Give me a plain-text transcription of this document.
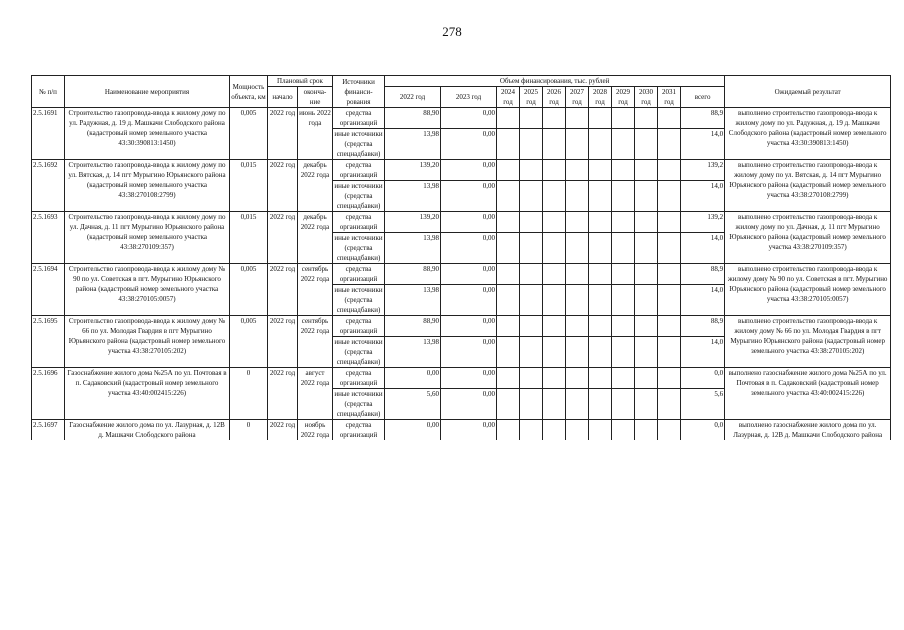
278
№ п/п	Наименование мероприятия	Мощность объекта, км	Плановый срок		Источники финанси-рования	Объем финансирования, тыс. рублей											Ожидаемый результат
			начало	оконча-ние		2022 год	2023 год	2024 год	2025 год	2026 год	2027 год	2028 год	2029 год	2030 год	2031 год	всего	
2.5.1691	Строительство газопровода-ввода к жилому дому по ул. Радужная, д. 19 д. Машкачи Слободского района (кадастровый номер земельного участка 43:30:390813:1450)	0,005	2022 год	июнь 2022 года	средства организаций	88,90	0,00									88,9	выполнено строительство газопровода-ввода к жилому дому по ул. Радужная, д. 19 д. Машкачи Слободского района (кадастровый номер земельного участка 43:30:390813:1450)
					иные источники (средства спецнадбавки)	13,98	0,00									14,0	
2.5.1692	Строительство газопровода-ввода к жилому дому по ул. Вятская, д. 14 пгт Мурыгино Юрьянского района (кадастровый номер земельного участка 43:38:270108:2799)	0,015	2022 год	декабрь 2022 года	средства организаций	139,20	0,00									139,2	выполнено строительство газопровода-ввода к жилому дому по ул. Вятская, д. 14 пгт Мурыгино Юрьянского района (кадастровый номер земельного участка 43:38:270108:2799)
					иные источники (средства спецнадбавки)	13,98	0,00									14,0	
2.5.1693	Строительство газопровода-ввода к жилому дому по ул. Дачная, д. 11 пгт Мурыгино Юрьянского района (кадастровый номер земельного участка 43:38:270109:357)	0,015	2022 год	декабрь 2022 года	средства организаций	139,20	0,00									139,2	выполнено строительство газопровода-ввода к жилому дому по ул. Дачная, д. 11 пгт Мурыгино Юрьянского района (кадастровый номер земельного участка 43:38:270109:357)
					иные источники (средства спецнадбавки)	13,98	0,00									14,0	
2.5.1694	Строительство газопровода-ввода к жилому дому № 90 по ул. Советская в пгт. Мурыгино Юрьянского района (кадастровый номер земельного участка 43:38:270105:0057)	0,005	2022 год	сентябрь 2022 года	средства организаций	88,90	0,00									88,9	выполнено строительство газопровода-ввода к жилому дому № 90 по ул. Советская в пгт. Мурыгино Юрьянского района (кадастровый номер земельного участка 43:38:270105:0057)
					иные источники (средства спецнадбавки)	13,98	0,00									14,0	
2.5.1695	Строительство газопровода-ввода к жилому дому № 66 по ул. Молодая Гвардия в пгт Мурыгино Юрьянского района (кадастровый номер земельного участка 43:38:270105:202)	0,005	2022 год	сентябрь 2022 года	средства организаций	88,90	0,00									88,9	выполнено строительство газопровода-ввода к жилому дому № 66 по ул. Молодая Гвардия в пгт Мурыгино Юрьянского района (кадастровый номер земельного участка 43:38:270105:202)
					иные источники (средства спецнадбавки)	13,98	0,00									14,0	
2.5.1696	Газоснабжение жилого дома №25А по ул. Почтовая в п. Садаковский (кадастровый номер земельного участка 43:40:002415:226)	0	2022 год	август 2022 года	средства организаций	0,00	0,00									0,0	выполнено газоснабжение жилого дома №25А по ул. Почтовая в п. Садаковский (кадастровый номер земельного участка 43:40:002415:226)
					иные источники (средства спецнадбавки)	5,60	0,00									5,6	
2.5.1697	Газоснабжение жилого дома по ул. Лазурная, д. 12В д. Машкачи Слободского района	0	2022 год	ноябрь 2022 года	средства организаций	0,00	0,00									0,0	выполнено газоснабжение жилого дома по ул. Лазурная, д. 12В д. Машкачи Слободского района
